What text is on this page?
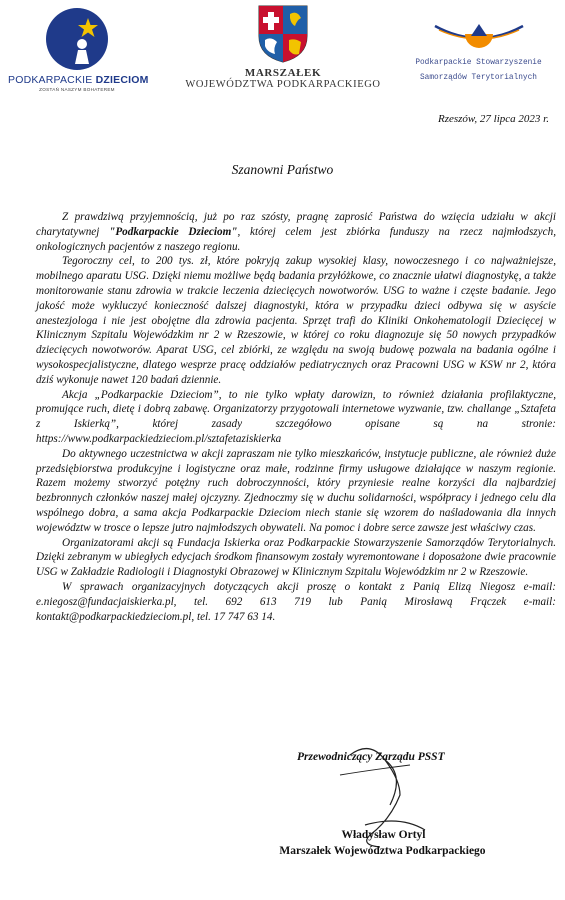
PODKARPACKIE DZIECIOM
ZOSTAŃ NASZYM BOHATEREM
MARSZAŁEK
WOJEWÓDZTWA PODKARPACKIEGO
Podkarpackie Stowarzyszenie
Samorządów Terytorialnych
Rzeszów, 27 lipca 2023 r.
Szanowni Państwo

Z prawdziwą przyjemnością, już po raz szósty, pragnę zaprosić Państwa do wzięcia udziału w akcji charytatywnej "Podkarpackie Dzieciom", której celem jest zbiórka funduszy na rzecz najmłodszych, onkologicznych pacjentów z naszego regionu.

Tegoroczny cel, to 200 tys. zł, które pokryją zakup wysokiej klasy, nowoczesnego i co najważniejsze, mobilnego aparatu USG. Dzięki niemu możliwe będą badania przyłóżkowe, co znacznie ułatwi diagnostykę, a także monitorowanie stanu zdrowia w trakcie leczenia dziecięcych nowotworów. USG to ważne i częste badanie. Jego jakość może wykluczyć konieczność dalszej diagnostyki, która w przypadku dzieci odbywa się w asyście anestezjologa i nie jest obojętne dla zdrowia pacjenta. Sprzęt trafi do Kliniki Onkohematologii Dziecięcej w Klinicznym Szpitalu Wojewódzkim nr 2 w Rzeszowie, w której co roku diagnozuje się 50 nowych przypadków dziecięcych nowotworów. Aparat USG, cel zbiórki, ze względu na swoją budowę pozwala na badania ogólne i wysokospecjalistyczne, dlatego wesprze pracę oddziałów pediatrycznych oraz Pracowni USG w KSW nr 2, która dziś wykonuje nawet 120 badań dziennie.

Akcja „Podkarpackie Dzieciom”, to nie tylko wpłaty darowizn, to również działania profilaktyczne, promujące ruch, dietę i dobrą zabawę. Organizatorzy przygotowali internetowe wyzwanie, tzw. challange „Sztafeta z Iskierką”, której zasady szczegółowo opisane są na stronie: https://www.podkarpackiedzieciom.pl/sztafetaziskierka

Do aktywnego uczestnictwa w akcji zapraszam nie tylko mieszkańców, instytucje publiczne, ale również duże przedsiębiorstwa produkcyjne i logistyczne oraz małe, rodzinne firmy usługowe działające w naszym regionie. Razem możemy stworzyć potężny ruch dobroczynności, który przyniesie realne korzyści dla najbardziej bezbronnych członków naszej małej ojczyzny. Zjednoczmy się w duchu solidarności, współpracy i jednego celu dla wspólnego dobra, a sama akcja Podkarpackie Dzieciom niech stanie się wzorem do naśladowania dla innych województw w trosce o lepsze jutro najmłodszych obywateli. Na pomoc i dobre serce zawsze jest właściwy czas.

Organizatorami akcji są Fundacja Iskierka oraz Podkarpackie Stowarzyszenie Samorządów Terytorialnych. Dzięki zebranym w ubiegłych edycjach środkom finansowym zostały wyremontowane i doposażone dwie pracownie USG w Zakładzie Radiologii i Diagnostyki Obrazowej w Klinicznym Szpitalu Wojewódzkim nr 2 w Rzeszowie.

W sprawach organizacyjnych dotyczących akcji proszę o kontakt z Panią Elizą Niegosz e-mail: e.niegosz@fundacjaiskierka.pl, tel. 692 613 719 lub Panią Mirosławą Frączek e-mail: kontakt@podkarpackiedzieciom.pl, tel. 17 747 63 14.

Przewodniczący Zarządu PSST
Władysław Ortyl
Marszałek Województwa Podkarpackiego
